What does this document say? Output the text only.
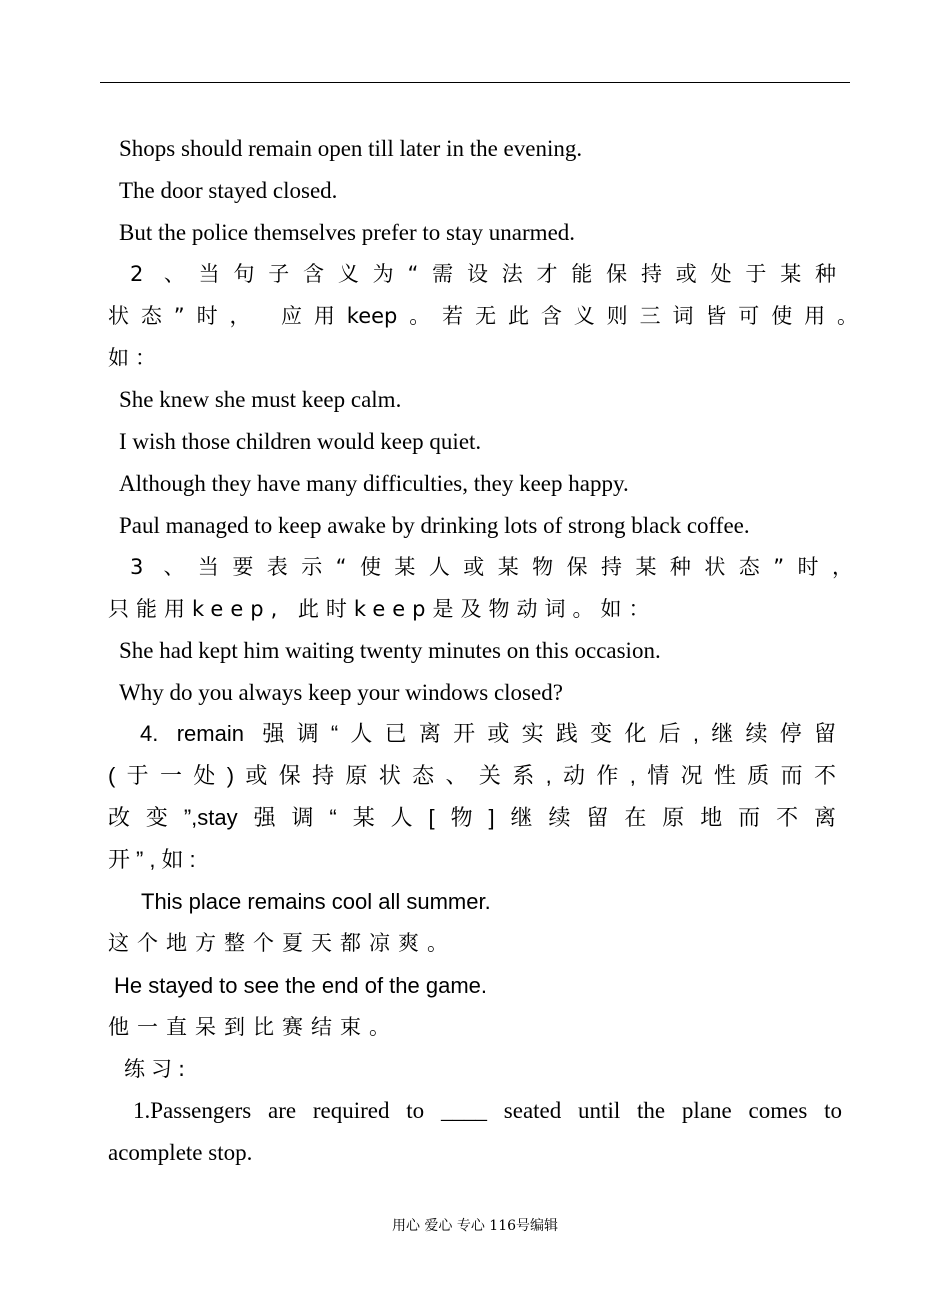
Shops should remain open till later in the evening.

The door stayed closed.

But the police themselves prefer to stay unarmed.

2 、当句子含义为“需设法才能保持或处于某种

状态”时， 应用keep。若无此含义则三词皆可使用。

如：

She knew she must keep calm.

I wish those children would keep quiet.

Although they have many difficulties, they keep happy.

Paul managed to keep awake by drinking lots of strong black coffee.

3 、当要表示“使某人或某物保持某种状态”时，

只能用keep, 此时keep是及物动词。如：

She had kept him waiting twenty minutes on this occasion.

Why do you always keep your windows closed?

4. remain 强调“人已离开或实践变化后,继续停留

(于一处)或保持原状态、关系,动作,情况性质而不

改变”,stay强调“某人[物]继续留在原地而不离

开”,如:

This place remains cool all summer.

这个地方整个夏天都凉爽。

He stayed to see the end of the game.

他一直呆到比赛结束。

练习:

1.Passengers are required to ____ seated until the plane comes to

acomplete stop.

用心 爱心 专心 116号编辑
